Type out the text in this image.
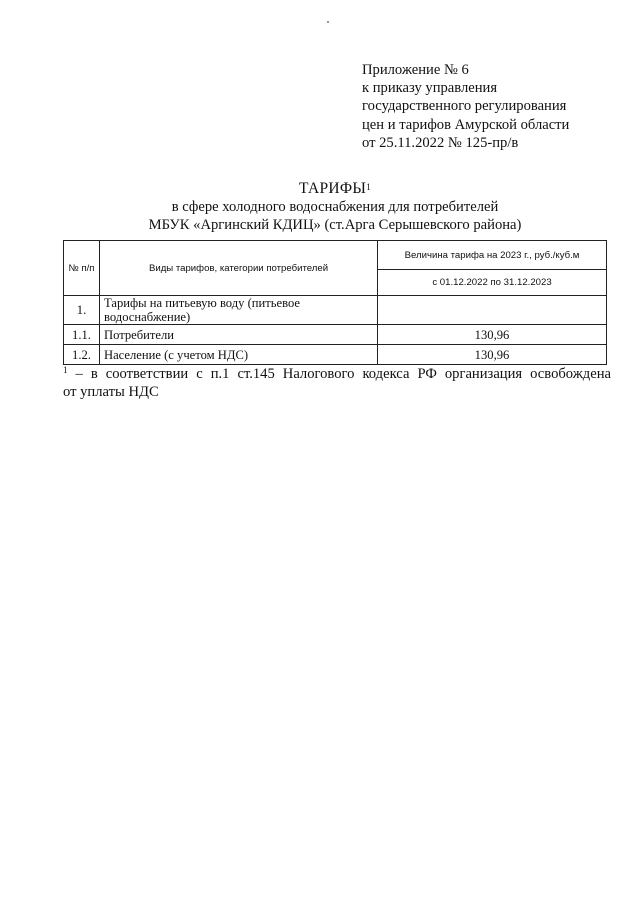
Приложение № 6
к приказу управления
государственного регулирования
цен и тарифов Амурской области
от 25.11.2022 № 125-пр/в
ТАРИФЫ$^1$
в сфере холодного водоснабжения для потребителей
МБУК «Аргинский КДИЦ» (ст.Арга Серышевского района)
№ п/п	Виды тарифов, категории потребителей	Величина тарифа на 2023 г., руб./куб.м
		с 01.12.2022 по 31.12.2023
1.	Тарифы на питьевую воду (питьевое водоснабжение)	
1.1.	Потребители	130,96
1.2.	Население (с учетом НДС)	130,96
$^1$ – в соответствии с п.1 ст.145 Налогового кодекса РФ организация освобождена
от уплаты НДС
